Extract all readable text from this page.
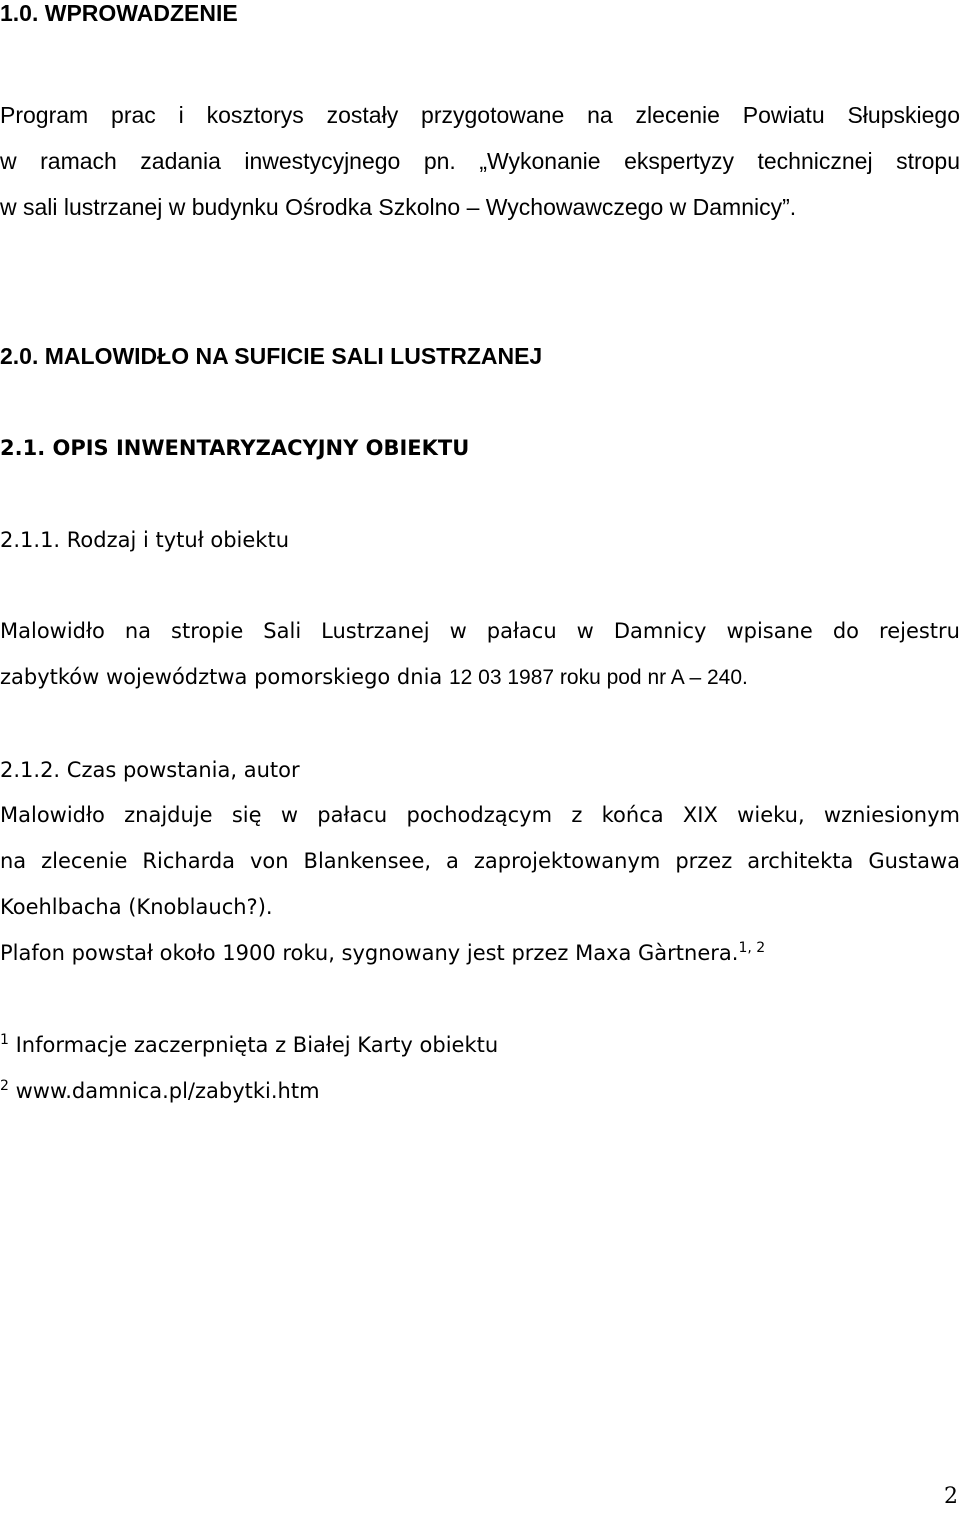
1.0. WPROWADZENIE
Program prac i kosztorys zostały przygotowane na zlecenie Powiatu Słupskiego
w ramach zadania inwestycyjnego pn. „Wykonanie ekspertyzy technicznej stropu
w sali lustrzanej w budynku Ośrodka Szkolno – Wychowawczego w Damnicy”.
2.0. MALOWIDŁO NA SUFICIE SALI LUSTRZANEJ
2.1. OPIS INWENTARYZACYJNY OBIEKTU
2.1.1. Rodzaj i tytuł obiektu
Malowidło na stropie Sali Lustrzanej w pałacu w Damnicy wpisane do rejestru
zabytków województwa pomorskiego dnia 12 03 1987 roku pod nr A – 240.
2.1.2. Czas powstania, autor
Malowidło znajduje się w pałacu pochodzącym z końca XIX wieku, wzniesionym
na zlecenie Richarda von Blankensee, a zaprojektowanym przez architekta Gustawa
Koehlbacha (Knoblauch?).
Plafon powstał około 1900 roku, sygnowany jest przez Maxa Gàrtnera.$^{1, 2}$
$^1$ Informacje zaczerpnięta z Białej Karty obiektu
$^2$ www.damnica.pl/zabytki.htm
2
